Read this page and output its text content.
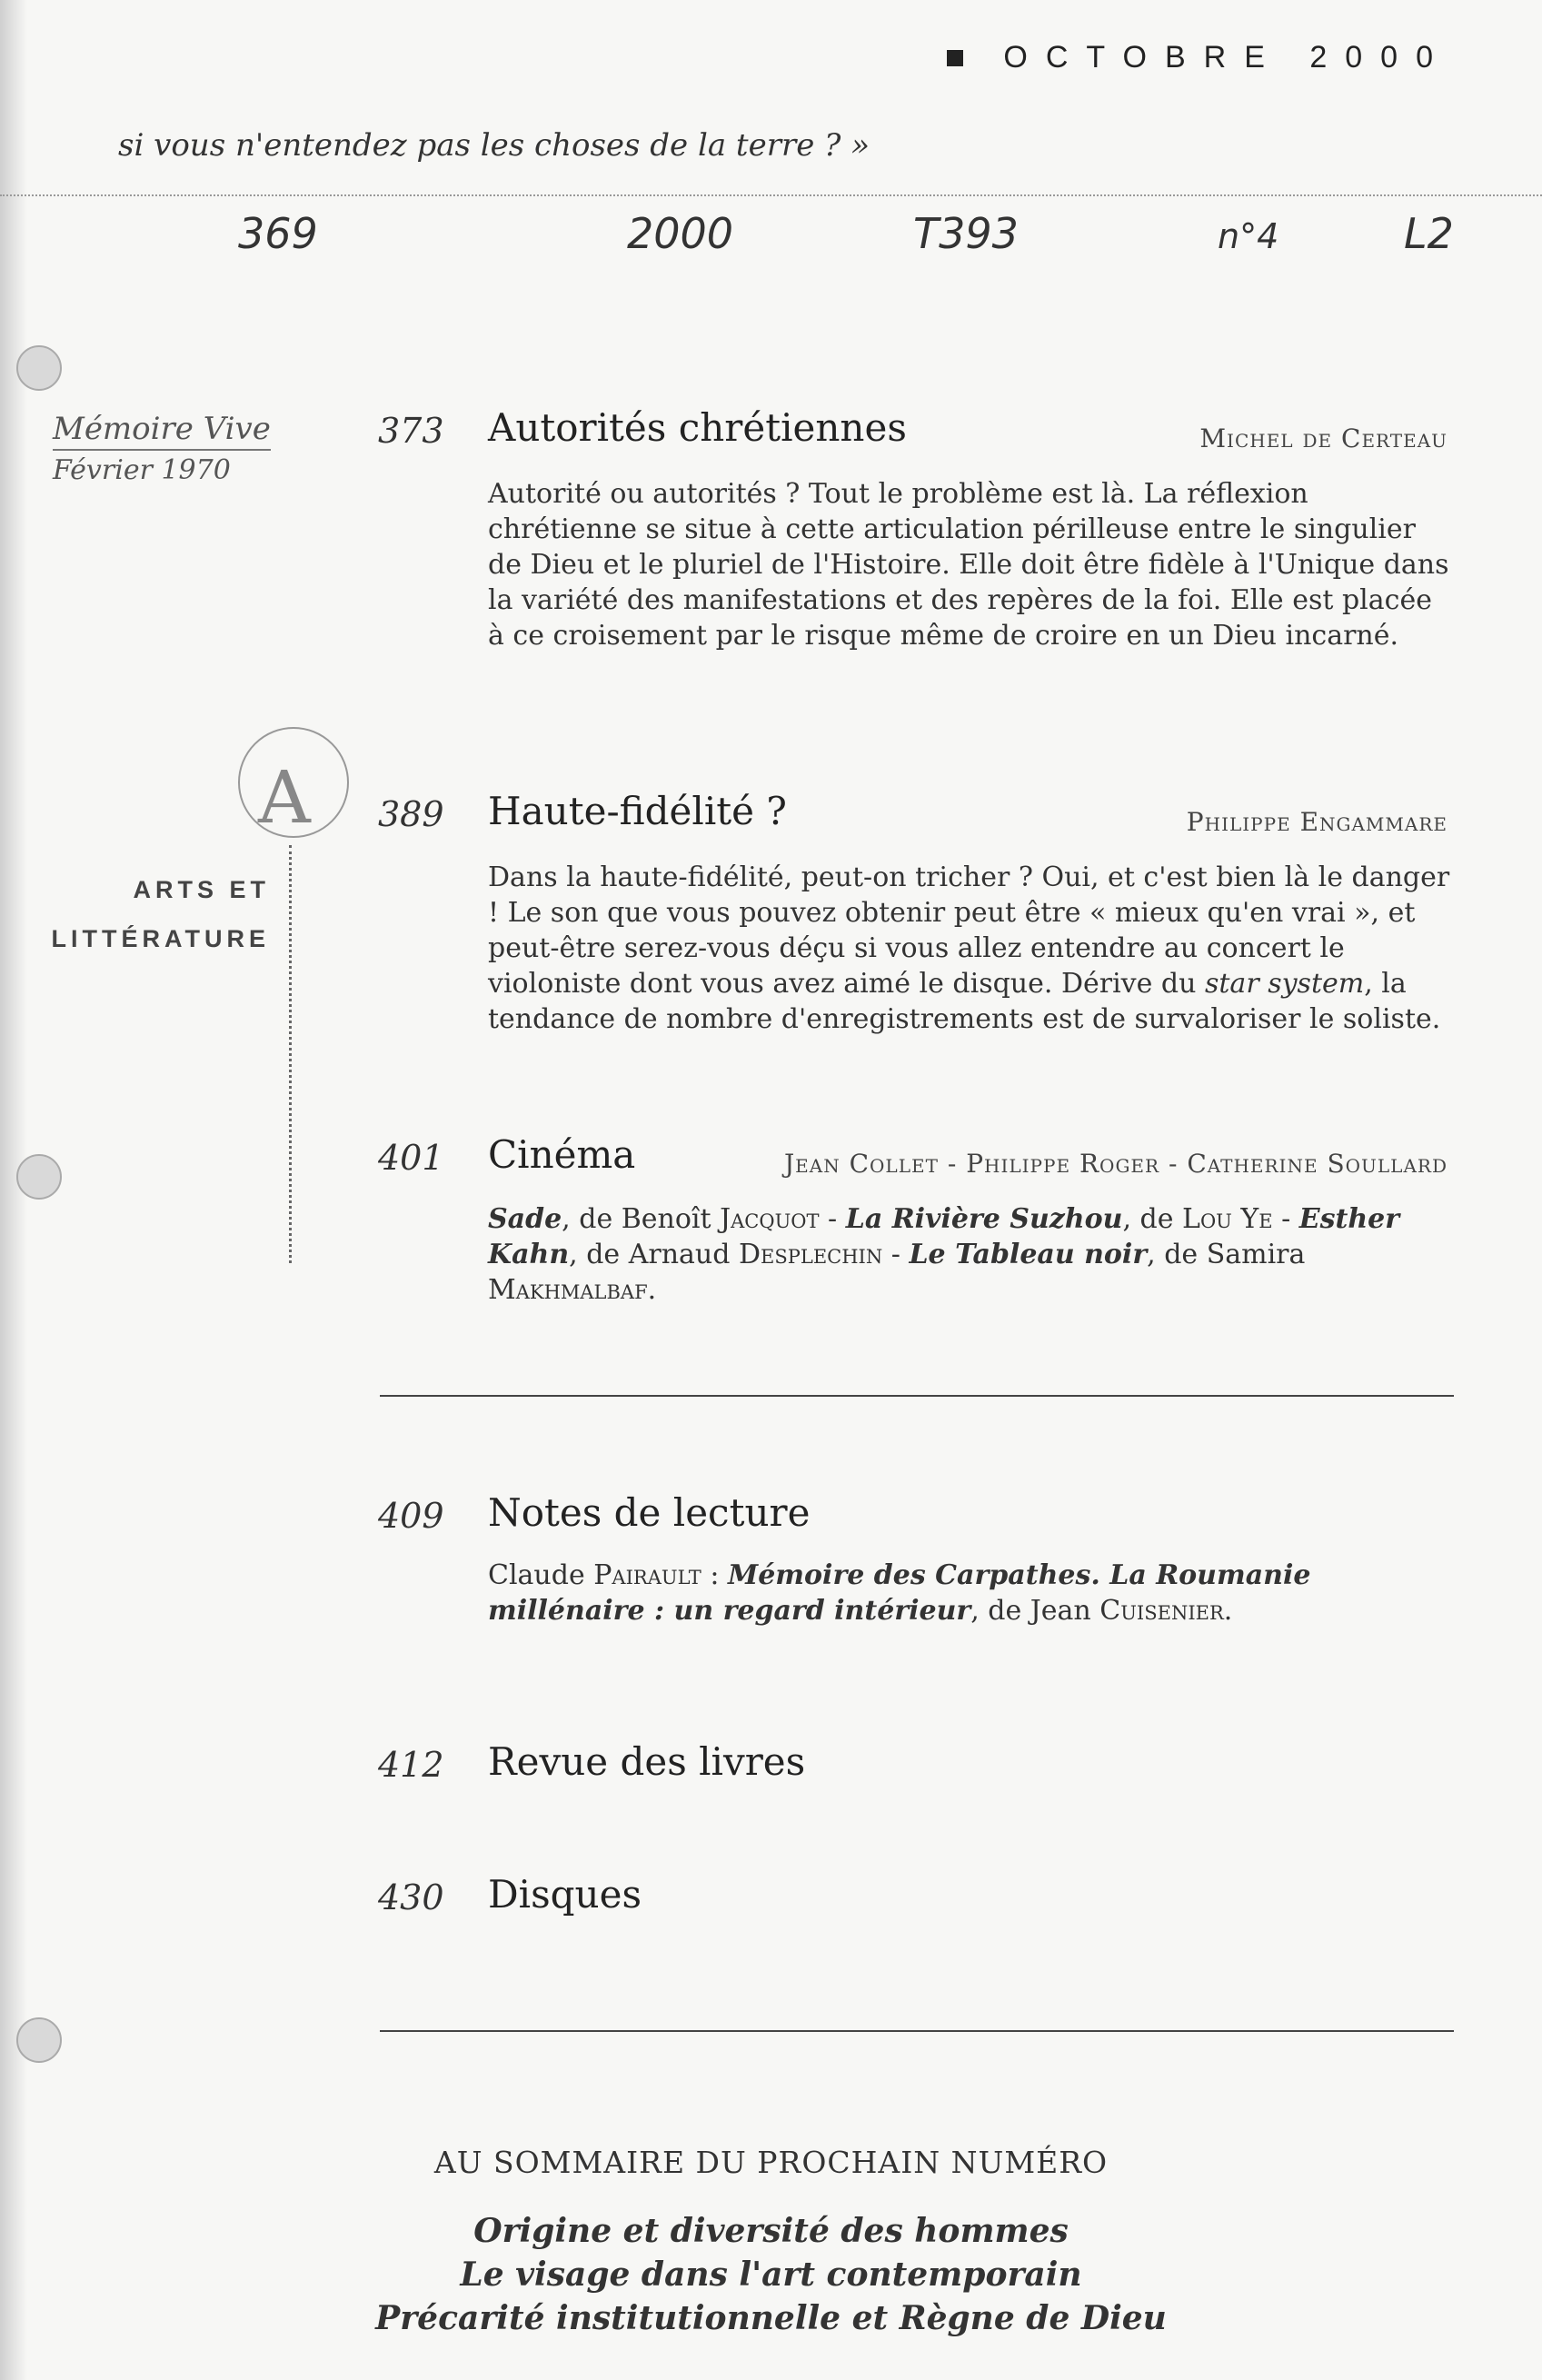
OCTOBRE 2000
si vous n'entendez pas les choses de la terre ? »
369	2000	T393	n°4	L2
Mémoire Vive
Février 1970
373 Autorités chrétiennes	Michel de Certeau

Autorité ou autorités ? Tout le problème est là. La réflexion chrétienne se situe à cette articulation périlleuse entre le singulier de Dieu et le pluriel de l'Histoire. Elle doit être fidèle à l'Unique dans la variété des manifestations et des repères de la foi. Elle est placée à ce croisement par le risque même de croire en un Dieu incarné.

A
ARTS ET
LITTÉRATURE
389 Haute-fidélité ?	Philippe Engammare

Dans la haute-fidélité, peut-on tricher ? Oui, et c'est bien là le danger ! Le son que vous pouvez obtenir peut être « mieux qu'en vrai », et peut-être serez-vous déçu si vous allez entendre au concert le violoniste dont vous avez aimé le disque. Dérive du star system, la tendance de nombre d'enregistrements est de survaloriser le soliste.

401 Cinéma	Jean Collet - Philippe Roger - Catherine Soullard

Sade, de Benoît Jacquot - La Rivière Suzhou, de Lou Ye - Esther Kahn, de Arnaud Desplechin - Le Tableau noir, de Samira Makhmalbaf.

409 Notes de lecture

Claude Pairault : Mémoire des Carpathes. La Roumanie millénaire : un regard intérieur, de Jean Cuisenier.

412 Revue des livres
430 Disques
AU SOMMAIRE DU PROCHAIN NUMÉRO
Origine et diversité des hommes
Le visage dans l'art contemporain
Précarité institutionnelle et Règne de Dieu
